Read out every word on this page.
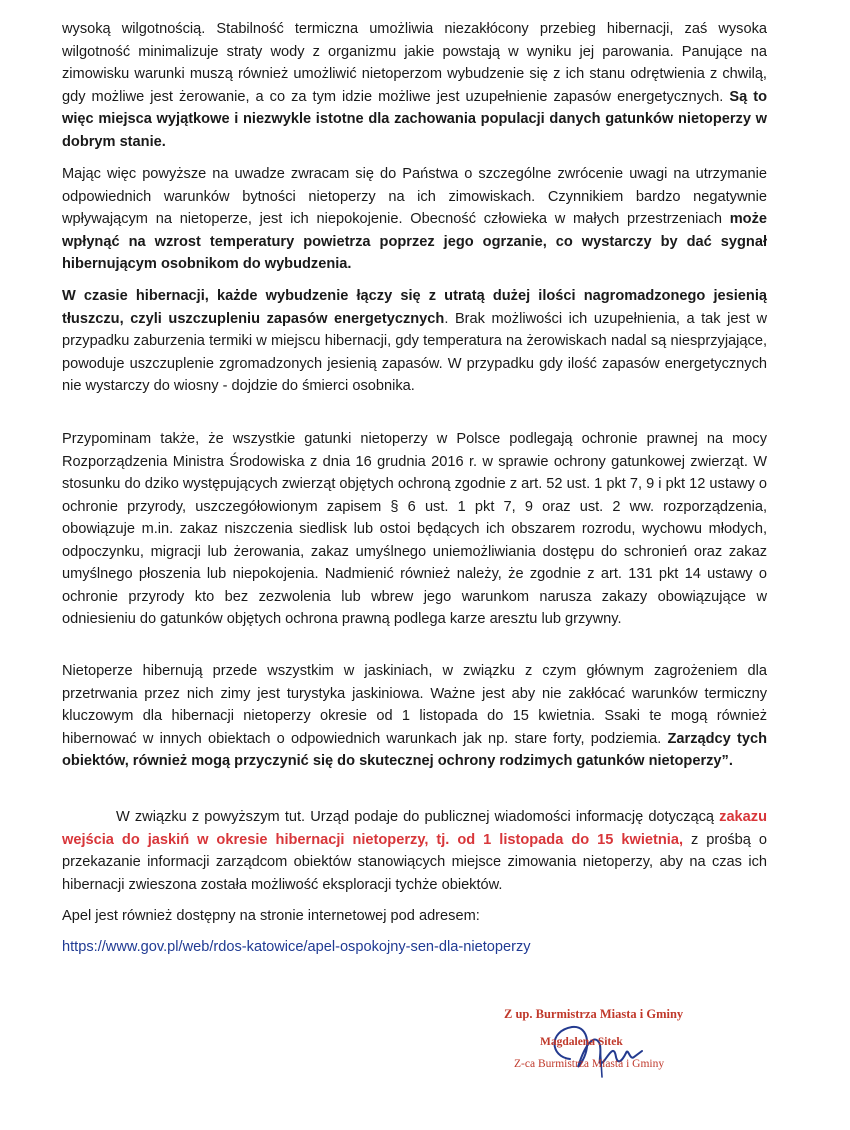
wysoką wilgotnością. Stabilność termiczna umożliwia niezakłócony przebieg hibernacji, zaś wysoka wilgotność minimalizuje straty wody z organizmu jakie powstają w wyniku jej parowania. Panujące na zimowisku warunki muszą również umożliwić nietoperzom wybudzenie się z ich stanu odrętwienia z chwilą, gdy możliwe jest żerowanie, a co za tym idzie możliwe jest uzupełnienie zapasów energetycznych. Są to więc miejsca wyjątkowe i niezwykle istotne dla zachowania populacji danych gatunków nietoperzy w dobrym stanie.

Mając więc powyższe na uwadze zwracam się do Państwa o szczególne zwrócenie uwagi na utrzymanie odpowiednich warunków bytności nietoperzy na ich zimowiskach. Czynnikiem bardzo negatywnie wpływającym na nietoperze, jest ich niepokojenie. Obecność człowieka w małych przestrzeniach może wpłynąć na wzrost temperatury powietrza poprzez jego ogrzanie, co wystarczy by dać sygnał hibernującym osobnikom do wybudzenia.

W czasie hibernacji, każde wybudzenie łączy się z utratą dużej ilości nagromadzonego jesienią tłuszczu, czyli uszczupleniu zapasów energetycznych. Brak możliwości ich uzupełnienia, a tak jest w przypadku zaburzenia termiki w miejscu hibernacji, gdy temperatura na żerowiskach nadal są niesprzyjające, powoduje uszczuplenie zgromadzonych jesienią zapasów. W przypadku gdy ilość zapasów energetycznych nie wystarczy do wiosny - dojdzie do śmierci osobnika.

Przypominam także, że wszystkie gatunki nietoperzy w Polsce podlegają ochronie prawnej na mocy Rozporządzenia Ministra Środowiska z dnia 16 grudnia 2016 r. w sprawie ochrony gatunkowej zwierząt. W stosunku do dziko występujących zwierząt objętych ochroną zgodnie z art. 52 ust. 1 pkt 7, 9 i pkt 12 ustawy o ochronie przyrody, uszczegółowionym zapisem § 6 ust. 1 pkt 7, 9 oraz ust. 2 ww. rozporządzenia, obowiązuje m.in. zakaz niszczenia siedlisk lub ostoi będących ich obszarem rozrodu, wychowu młodych, odpoczynku, migracji lub żerowania, zakaz umyślnego uniemożliwiania dostępu do schronień oraz zakaz umyślnego płoszenia lub niepokojenia. Nadmienić również należy, że zgodnie z art. 131 pkt 14 ustawy o ochronie przyrody kto bez zezwolenia lub wbrew jego warunkom narusza zakazy obowiązujące w odniesieniu do gatunków objętych ochrona prawną podlega karze aresztu lub grzywny.

Nietoperze hibernują przede wszystkim w jaskiniach, w związku z czym głównym zagrożeniem dla przetrwania przez nich zimy jest turystyka jaskiniowa. Ważne jest aby nie zakłócać warunków termiczny kluczowym dla hibernacji nietoperzy okresie od 1 listopada do 15 kwietnia. Ssaki te mogą również hibernować w innych obiektach o odpowiednich warunkach jak np. stare forty, podziemia. Zarządcy tych obiektów, również mogą przyczynić się do skutecznej ochrony rodzimych gatunków nietoperzy”.

W związku z powyższym tut. Urząd podaje do publicznej wiadomości informację dotyczącą zakazu wejścia do jaskiń w okresie hibernacji nietoperzy, tj. od 1 listopada do 15 kwietnia, z prośbą o przekazanie informacji zarządcom obiektów stanowiących miejsce zimowania nietoperzy, aby na czas ich hibernacji zwieszona została możliwość eksploracji tychże obiektów.

Apel jest również dostępny na stronie internetowej pod adresem:

https://www.gov.pl/web/rdos-katowice/apel-ospokojny-sen-dla-nietoperzy
Z up. Burmistrza Miasta i Gminy
Magdalena Sitek
Z-ca Burmistrza Miasta i Gminy
